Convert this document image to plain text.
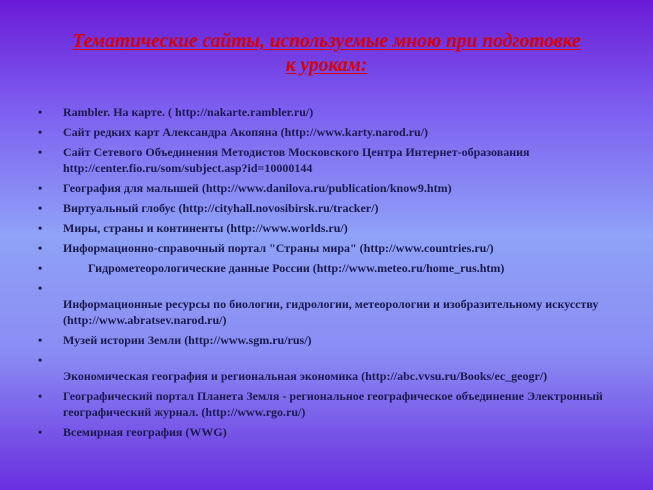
Тематические сайты, используемые мною при подготовке
к урокам:
•	Rambler. На карте. ( http://nakarte.rambler.ru/)
•	Сайт редких карт Александра Акопяна (http://www.karty.narod.ru/)
•	Сайт Сетевого Объединения Методистов Московского Центра Интернет-образования http://center.fio.ru/som/subject.asp?id=10000144
•	География для малышей (http://www.danilova.ru/publication/know9.htm)
•	Виртуальный глобус (http://cityhall.novosibirsk.ru/tracker/)
•	Миры, страны и континенты (http://www.worlds.ru/)
•	Информационно-справочный портал "Страны мира" (http://www.countries.ru/)
•	Гидрометеорологические данные России (http://www.meteo.ru/home_rus.htm)
•
Информационные ресурсы по биологии, гидрологии, метеорологии и изобразительному искусству (http://www.abratsev.narod.ru/)
•	Музей истории Земли (http://www.sgm.ru/rus/)
•
Экономическая география и региональная экономика (http://abc.vvsu.ru/Books/ec_geogr/)
•	Географический портал Планета Земля - региональное географическое объединение Электронный географический журнал. (http://www.rgo.ru/)
•	Всемирная география (WWG)
